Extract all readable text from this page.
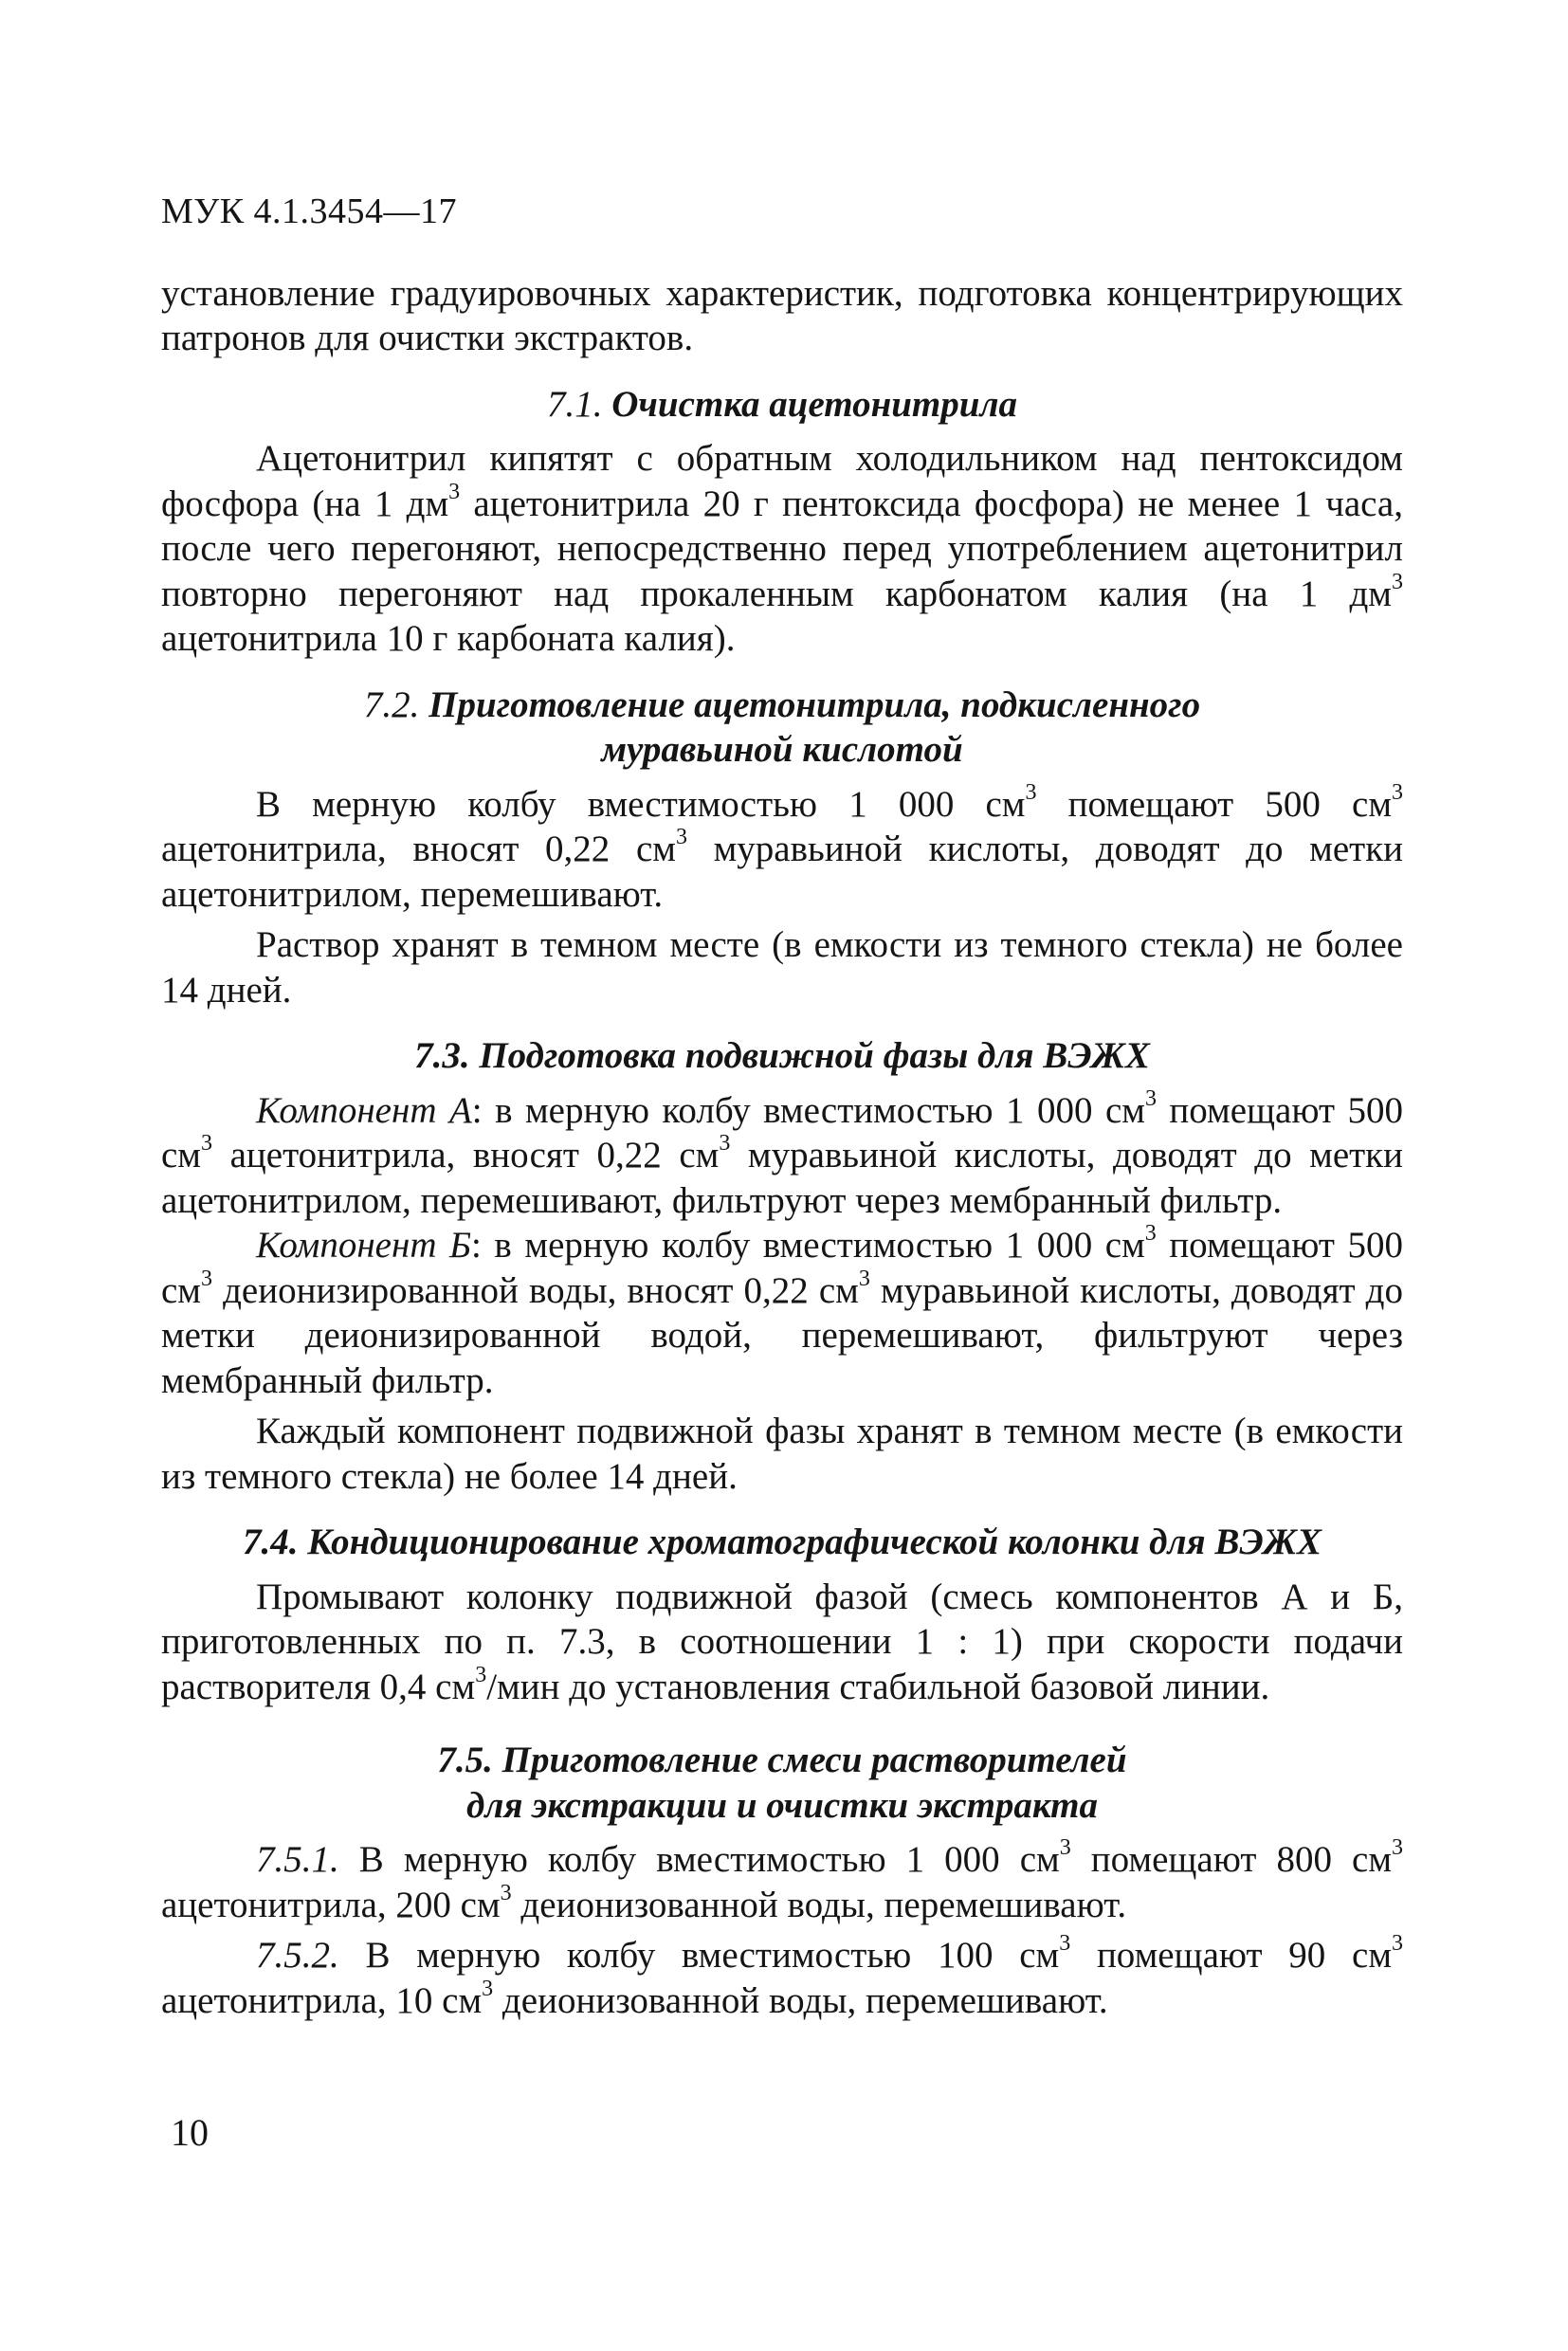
МУК 4.1.3454—17

установление градуировочных характеристик, подготовка концентрирующих патронов для очистки экстрактов.

7.1. Очистка ацетонитрила

Ацетонитрил кипятят с обратным холодильником над пентоксидом фосфора (на 1 $дм^3$ ацетонитрила 20 г пентоксида фосфора) не менее 1 часа, после чего перегоняют, непосредственно перед употреблением ацетонитрил повторно перегоняют над прокаленным карбонатом калия (на 1 $дм^3$ ацетонитрила 10 г карбоната калия).

7.2. Приготовление ацетонитрила, подкисленного
муравьиной кислотой

В мерную колбу вместимостью 1 000 $см^3$ помещают 500 $см^3$ ацетонитрила, вносят 0,22 $см^3$ муравьиной кислоты, доводят до метки ацетонитрилом, перемешивают.

Раствор хранят в темном месте (в емкости из темного стекла) не более 14 дней.

7.3. Подготовка подвижной фазы для ВЭЖХ

Компонент А: в мерную колбу вместимостью 1 000 $см^3$ помещают 500 $см^3$ ацетонитрила, вносят 0,22 $см^3$ муравьиной кислоты, доводят до метки ацетонитрилом, перемешивают, фильтруют через мембранный фильтр.

Компонент Б: в мерную колбу вместимостью 1 000 $см^3$ помещают 500 $см^3$ деионизированной воды, вносят 0,22 $см^3$ муравьиной кислоты, доводят до метки деионизированной водой, перемешивают, фильтруют через мембранный фильтр.

Каждый компонент подвижной фазы хранят в темном месте (в емкости из темного стекла) не более 14 дней.

7.4. Кондиционирование хроматографической колонки для ВЭЖХ

Промывают колонку подвижной фазой (смесь компонентов А и Б, приготовленных по п. 7.3, в соотношении 1 : 1) при скорости подачи растворителя 0,4 $см^3$/мин до установления стабильной базовой линии.

7.5. Приготовление смеси растворителей
для экстракции и очистки экстракта

7.5.1. В мерную колбу вместимостью 1 000 $см^3$ помещают 800 $см^3$ ацетонитрила, 200 $см^3$ деионизованной воды, перемешивают.

7.5.2. В мерную колбу вместимостью 100 $см^3$ помещают 90 $см^3$ ацетонитрила, 10 $см^3$ деионизованной воды, перемешивают.

10
